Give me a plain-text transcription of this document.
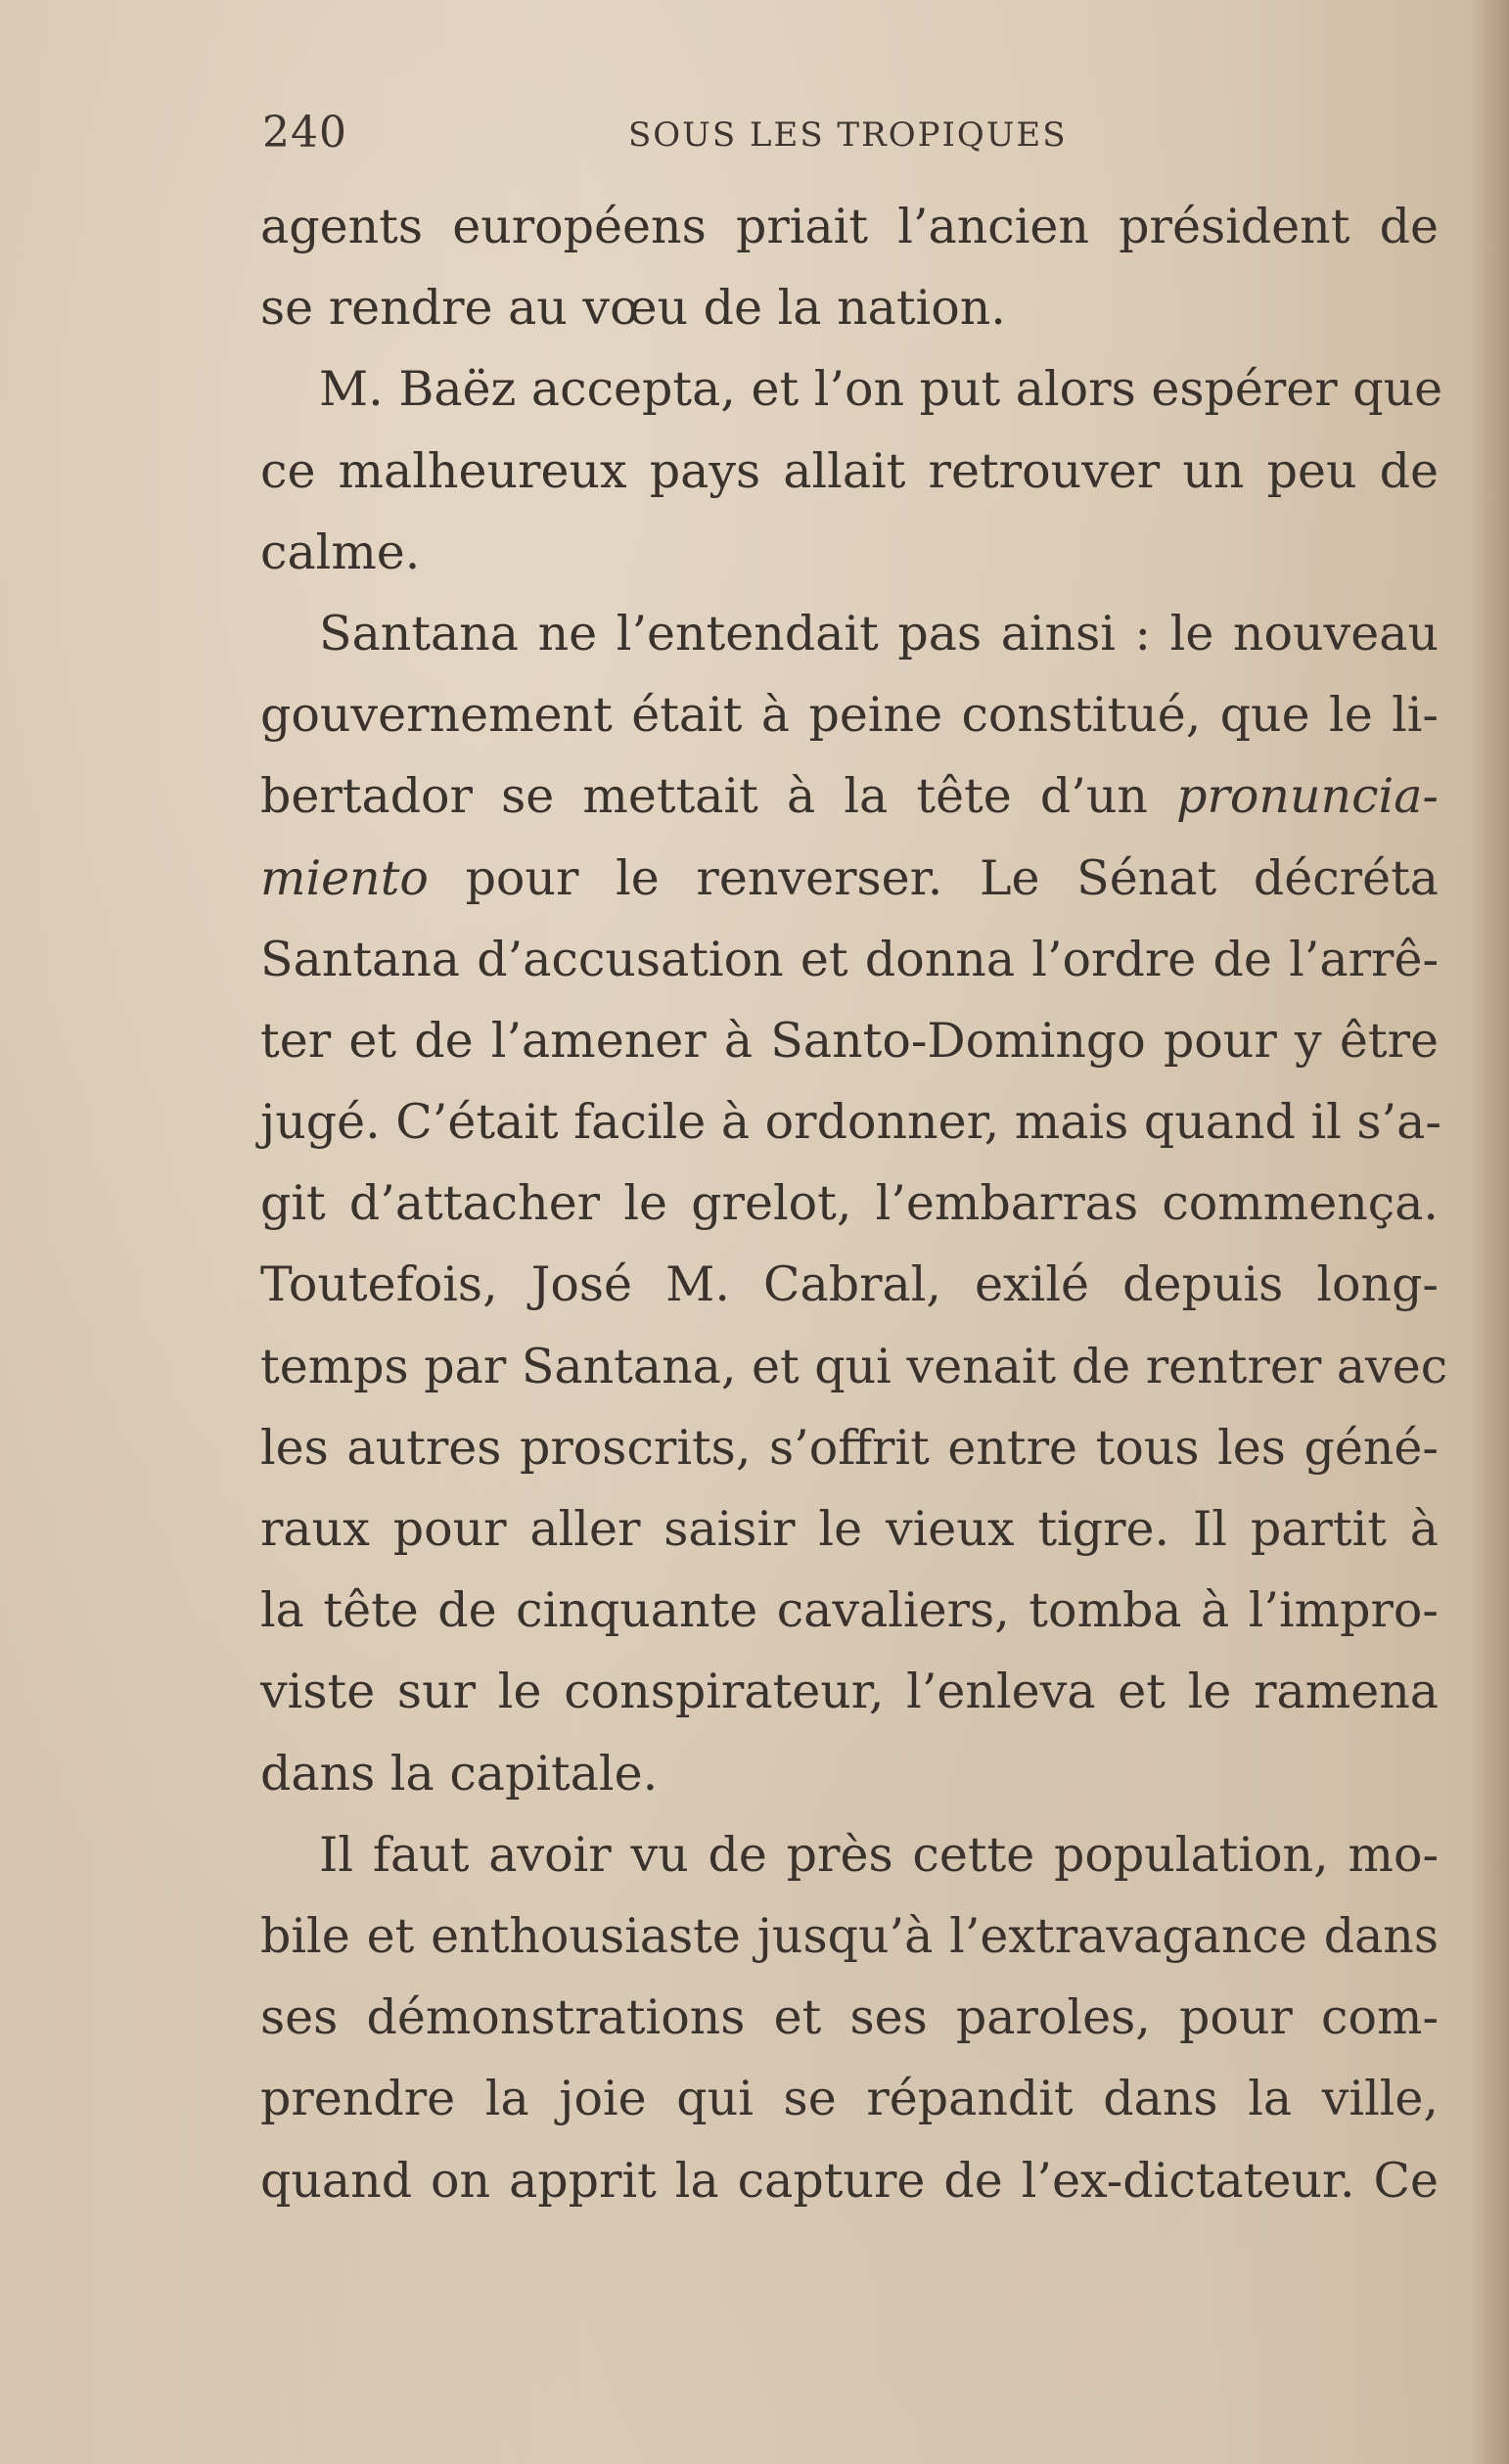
240	SOUS LES TROPIQUES
agents européens priait l’ancien président de
se rendre au vœu de la nation.
M. Baëz accepta, et l’on put alors espérer que
ce malheureux pays allait retrouver un peu de
calme.
Santana ne l’entendait pas ainsi : le nouveau
gouvernement était à peine constitué, que le li-
bertador se mettait à la tête d’un pronuncia-
miento pour le renverser. Le Sénat décréta
Santana d’accusation et donna l’ordre de l’arrê-
ter et de l’amener à Santo-Domingo pour y être
jugé. C’était facile à ordonner, mais quand il s’a-
git d’attacher le grelot, l’embarras commença.
Toutefois, José M. Cabral, exilé depuis long-
temps par Santana, et qui venait de rentrer avec
les autres proscrits, s’offrit entre tous les géné-
raux pour aller saisir le vieux tigre. Il partit à
la tête de cinquante cavaliers, tomba à l’impro-
viste sur le conspirateur, l’enleva et le ramena
dans la capitale.
Il faut avoir vu de près cette population, mo-
bile et enthousiaste jusqu’à l’extravagance dans
ses démonstrations et ses paroles, pour com-
prendre la joie qui se répandit dans la ville,
quand on apprit la capture de l’ex-dictateur. Ce
